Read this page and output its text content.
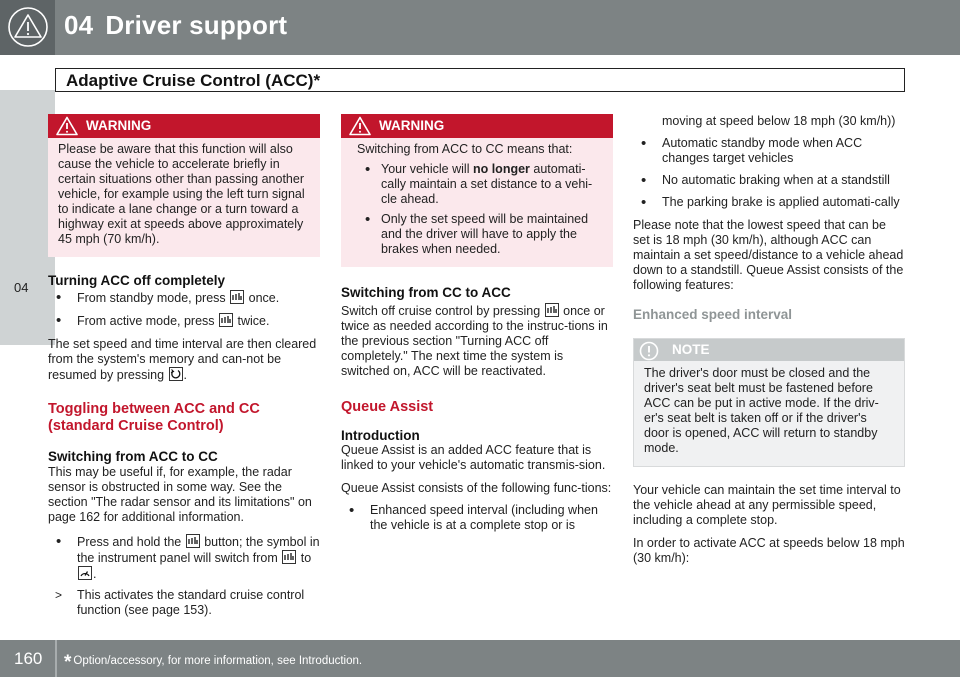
04 Driver support
Adaptive Cruise Control (ACC)*
04
WARNING
Please be aware that this function will also cause the vehicle to accelerate briefly in certain situations other than passing another vehicle, for example using the left turn signal to indicate a lane change or a turn toward a highway exit at speeds above approximately 45 mph (70 km/h).
Turning ACC off completely
• From standby mode, press once.
• From active mode, press twice.
The set speed and time interval are then cleared from the system's memory and can-not be resumed by pressing .
Toggling between ACC and CC (standard Cruise Control)
Switching from ACC to CC
This may be useful if, for example, the radar sensor is obstructed in some way. See the section "The radar sensor and its limitations" on page 162 for additional information.
• Press and hold the button; the symbol in the instrument panel will switch from to .
> This activates the standard cruise control function (see page 153).
WARNING
Switching from ACC to CC means that:
• Your vehicle will no longer automati-cally maintain a set distance to a vehi-cle ahead.
• Only the set speed will be maintained and the driver will have to apply the brakes when needed.
Switching from CC to ACC
Switch off cruise control by pressing once or twice as needed according to the instruc-tions in the previous section "Turning ACC off completely." The next time the system is switched on, ACC will be reactivated.
Queue Assist
Introduction
Queue Assist is an added ACC feature that is linked to your vehicle's automatic transmis-sion.
Queue Assist consists of the following func-tions:
• Enhanced speed interval (including when the vehicle is at a complete stop or is
moving at speed below 18 mph (30 km/h))
• Automatic standby mode when ACC changes target vehicles
• No automatic braking when at a standstill
• The parking brake is applied automati-cally
Please note that the lowest speed that can be set is 18 mph (30 km/h), although ACC can maintain a set speed/distance to a vehicle ahead down to a standstill. Queue Assist consists of the following features:
Enhanced speed interval
NOTE
The driver's door must be closed and the driver's seat belt must be fastened before ACC can be put in active mode. If the driv-er's seat belt is taken off or if the driver's door is opened, ACC will return to standby mode.
Your vehicle can maintain the set time interval to the vehicle ahead at any permissible speed, including a complete stop.
In order to activate ACC at speeds below 18 mph (30 km/h):
160 * Option/accessory, for more information, see Introduction.
